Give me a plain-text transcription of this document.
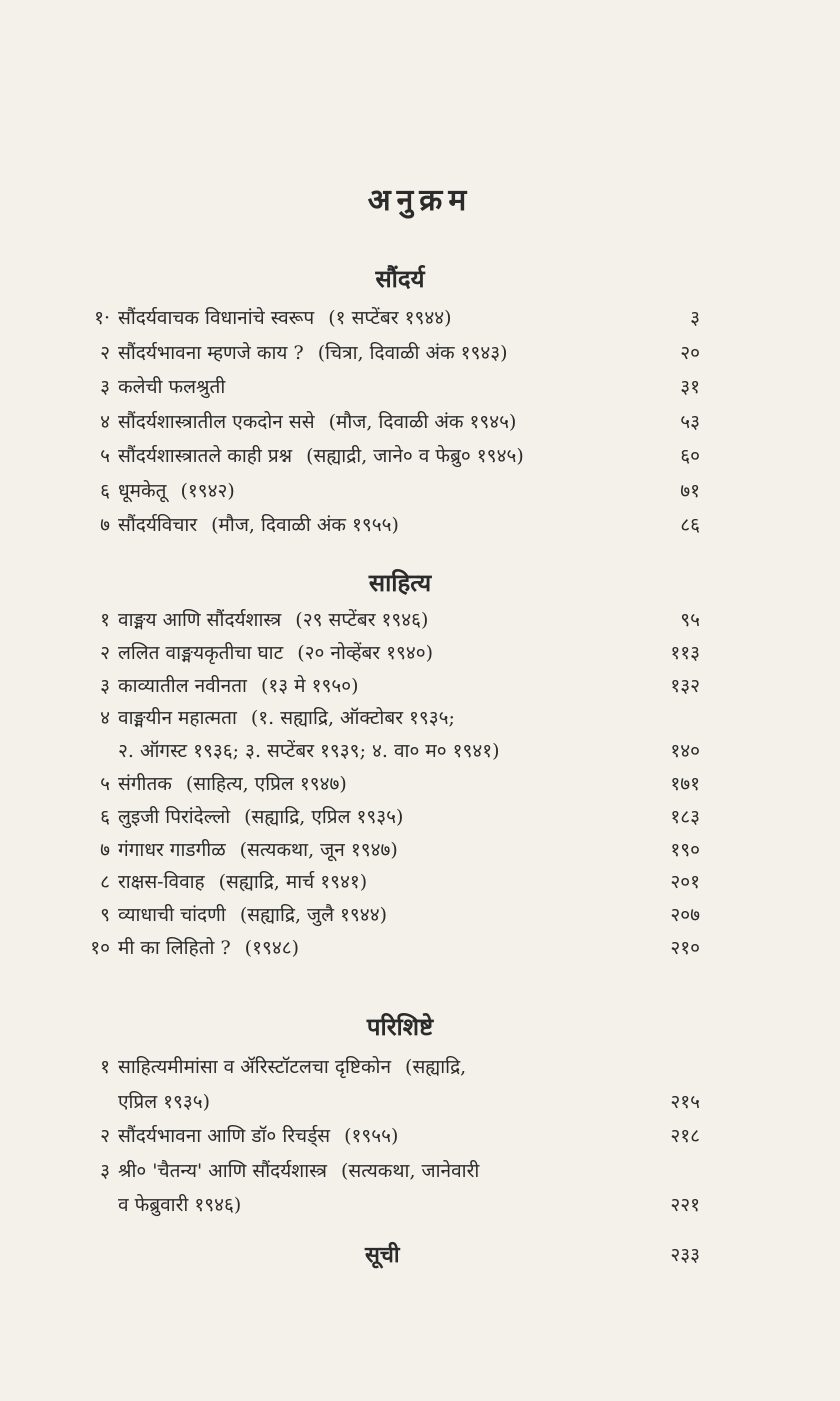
अनुक्रम
सौंदर्य
१· सौंदर्यवाचक विधानांचे स्वरूप (१ सप्टेंबर १९४४)	३
२ सौंदर्यभावना म्हणजे काय ? (चित्रा, दिवाळी अंक १९४३)	२०
३ कलेची फलश्रुती	३१
४ सौंदर्यशास्त्रातील एकदोन ससे (मौज, दिवाळी अंक १९४५)	५३
५ सौंदर्यशास्त्रातले काही प्रश्न (सह्याद्री, जाने० व फेब्रु० १९४५)	६०
६ धूमकेतू (१९४२)	७१
७ सौंदर्यविचार (मौज, दिवाळी अंक १९५५)	८६
साहित्य
१ वाङ्मय आणि सौंदर्यशास्त्र (२९ सप्टेंबर १९४६)	९५
२ ललित वाङ्मयकृतीचा घाट (२० नोव्हेंबर १९४०)	११३
३ काव्यातील नवीनता (१३ मे १९५०)	१३२
४ वाङ्मयीन महात्मता (१. सह्याद्रि, ऑक्टोबर १९३५;
२. ऑगस्ट १९३६; ३. सप्टेंबर १९३९; ४. वा० म० १९४१)	१४०
५ संगीतक (साहित्य, एप्रिल १९४७)	१७१
६ लुइजी पिरांदेल्लो (सह्याद्रि, एप्रिल १९३५)	१८३
७ गंगाधर गाडगीळ (सत्यकथा, जून १९४७)	१९०
८ राक्षस-विवाह (सह्याद्रि, मार्च १९४१)	२०१
९ व्याधाची चांदणी (सह्याद्रि, जुलै १९४४)	२०७
१० मी का लिहितो ? (१९४८)	२१०
परिशिष्टे
१ साहित्यमीमांसा व ॲरिस्टॉटलचा दृष्टिकोन (सह्याद्रि,
एप्रिल १९३५)	२१५
२ सौंदर्यभावना आणि डॉ० रिचर्ड्स (१९५५)	२१८
३ श्री० 'चैतन्य' आणि सौंदर्यशास्त्र (सत्यकथा, जानेवारी
व फेब्रुवारी १९४६)	२२१
सूची	२३३
